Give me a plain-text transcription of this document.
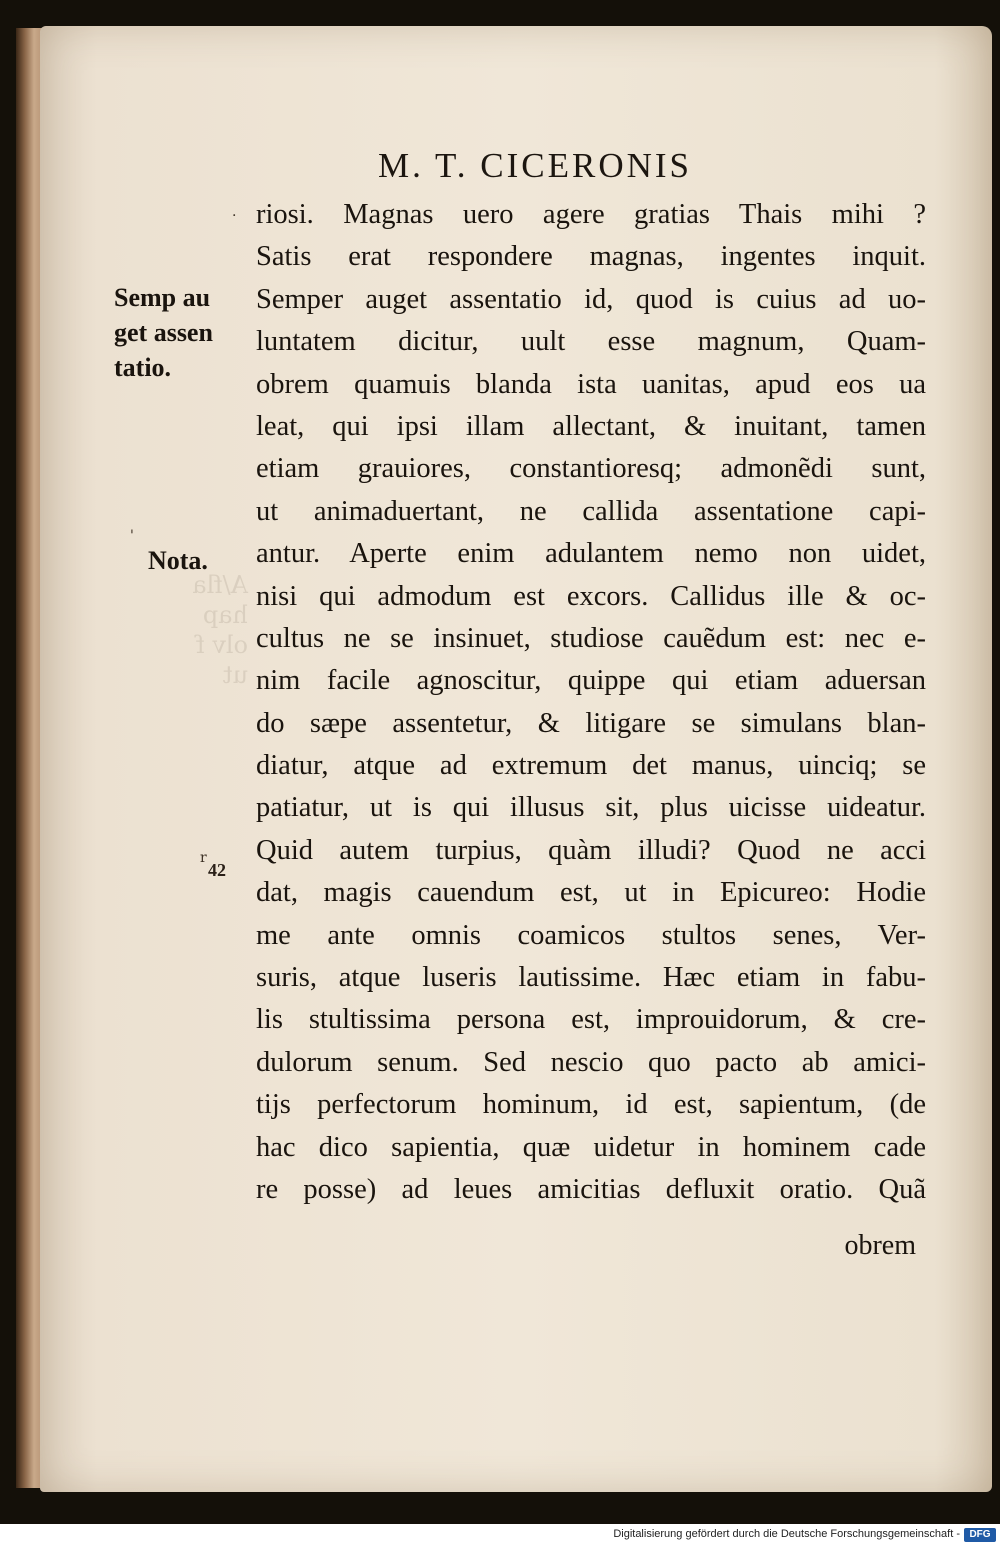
A/fla
hap
olv f
ut
M. T. CICERONIS
Semp au
get assen
tatio.
Nota.
42
·
'
r
riosi. Magnas uero agere gratias Thais mihi ?
Satis erat respondere magnas, ingentes inquit.
Semper auget assentatio id, quod is cuius ad uo-
luntatem dicitur, uult esse magnum, Quam-
obrem quamuis blanda ista uanitas, apud eos ua
leat, qui ipsi illam allectant, & inuitant, tamen
etiam grauiores, constantioresq; admonẽdi sunt,
ut animaduertant, ne callida assentatione capi-
antur. Aperte enim adulantem nemo non uidet,
nisi qui admodum est excors. Callidus ille & oc-
cultus ne se insinuet, studiose cauẽdum est: nec e-
nim facile agnoscitur, quippe qui etiam aduersan
do sæpe assentetur, & litigare se simulans blan-
diatur, atque ad extremum det manus, uinciq; se
patiatur, ut is qui illusus sit, plus uicisse uideatur.
Quid autem turpius, quàm illudi? Quod ne acci
dat, magis cauendum est, ut in Epicureo: Hodie
me ante omnis coamicos stultos senes, Ver-
suris, atque luseris lautissime. Hæc etiam in fabu-
lis stultissima persona est, improuidorum, & cre-
dulorum senum. Sed nescio quo pacto ab amici-
tijs perfectorum hominum, id est, sapientum, (de
hac dico sapientia, quæ uidetur in hominem cade
re posse) ad leues amicitias defluxit oratio. Quã
obrem
Digitalisierung gefördert durch die Deutsche Forschungsgemeinschaft - DFG
